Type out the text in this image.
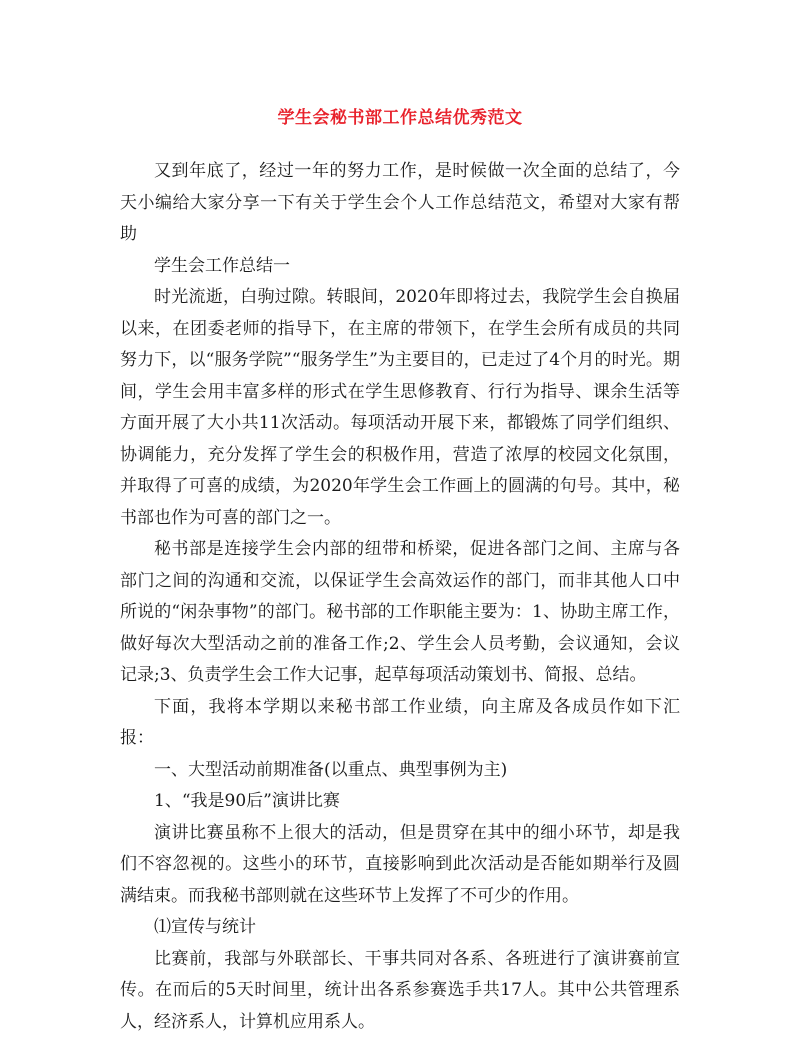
学生会秘书部工作总结优秀范文

又到年底了，经过一年的努力工作，是时候做一次全面的总结了，今天小编给大家分享一下有关于学生会个人工作总结范文，希望对大家有帮助

学生会工作总结一

时光流逝，白驹过隙。转眼间，2020年即将过去，我院学生会自换届以来，在团委老师的指导下，在主席的带领下，在学生会所有成员的共同努力下，以“服务学院”“服务学生”为主要目的，已走过了4个月的时光。期间，学生会用丰富多样的形式在学生思修教育、行行为指导、课余生活等方面开展了大小共11次活动。每项活动开展下来，都锻炼了同学们组织、协调能力，充分发挥了学生会的积极作用，营造了浓厚的校园文化氛围，并取得了可喜的成绩，为2020年学生会工作画上的圆满的句号。其中，秘书部也作为可喜的部门之一。

秘书部是连接学生会内部的纽带和桥梁，促进各部门之间、主席与各部门之间的沟通和交流，以保证学生会高效运作的部门，而非其他人口中所说的“闲杂事物”的部门。秘书部的工作职能主要为：1、协助主席工作，做好每次大型活动之前的准备工作;2、学生会人员考勤，会议通知，会议记录;3、负责学生会工作大记事，起草每项活动策划书、简报、总结。

下面，我将本学期以来秘书部工作业绩，向主席及各成员作如下汇报：

一、大型活动前期准备(以重点、典型事例为主)

1、“我是90后”演讲比赛

演讲比赛虽称不上很大的活动，但是贯穿在其中的细小环节，却是我们不容忽视的。这些小的环节，直接影响到此次活动是否能如期举行及圆满结束。而我秘书部则就在这些环节上发挥了不可少的作用。

⑴宣传与统计

比赛前，我部与外联部长、干事共同对各系、各班进行了演讲赛前宣传。在而后的5天时间里，统计出各系参赛选手共17人。其中公共管理系人，经济系人，计算机应用系人。
